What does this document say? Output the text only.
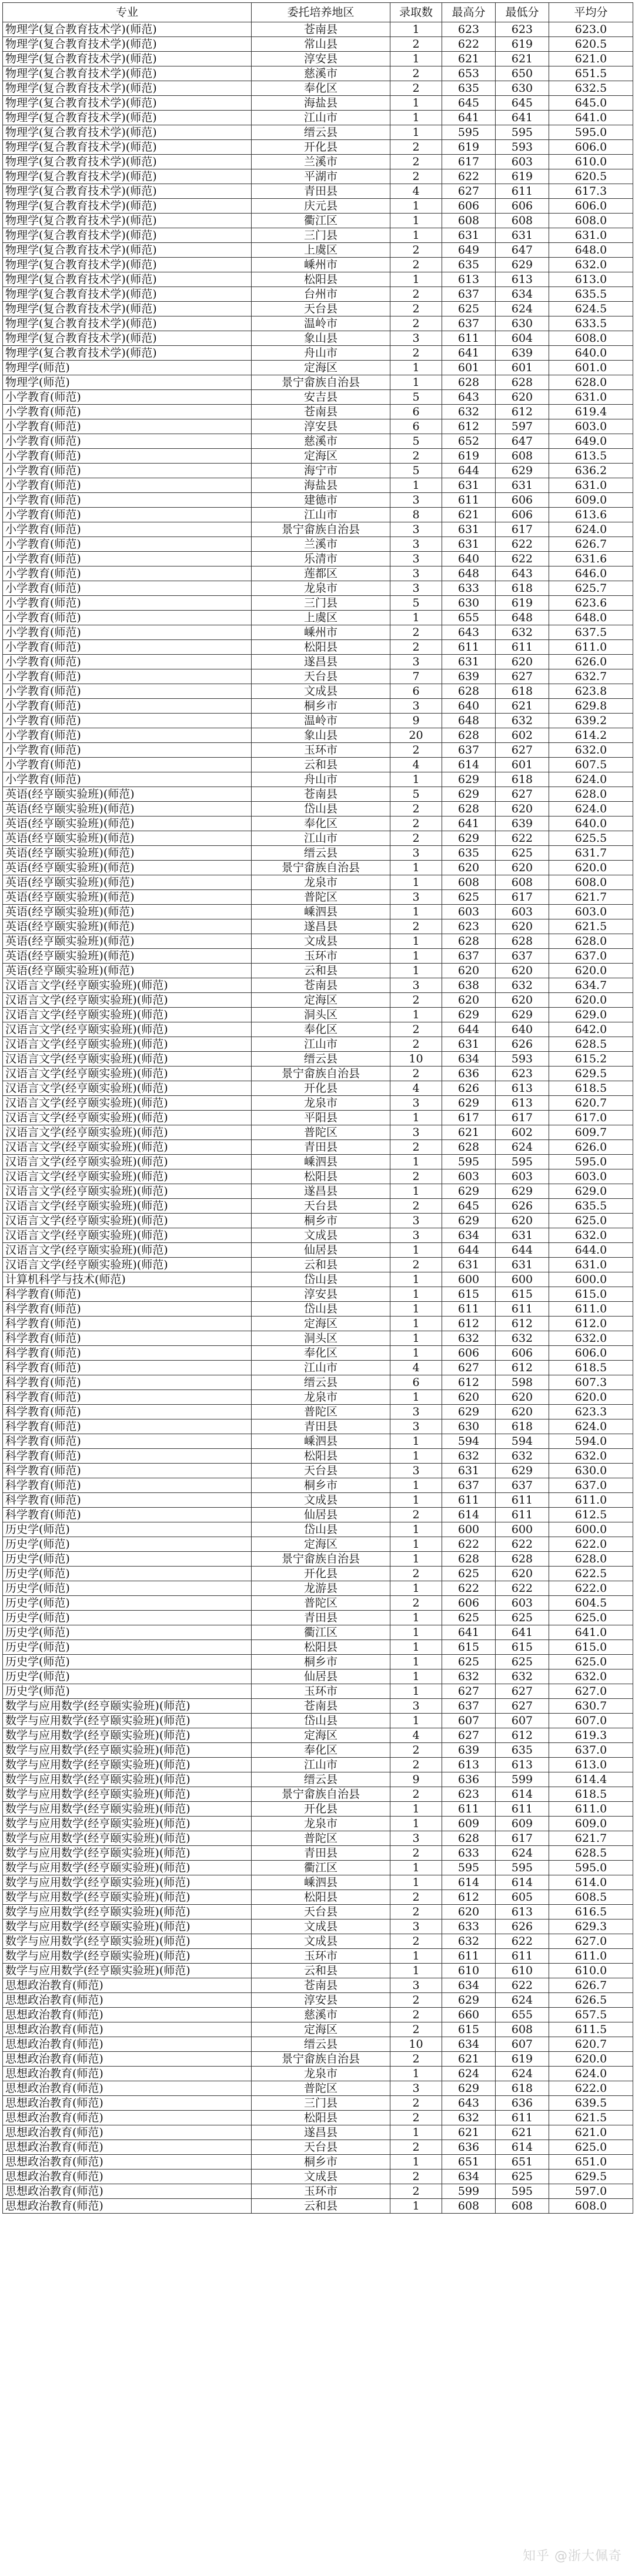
专业	委托培养地区	录取数	最高分	最低分	平均分
物理学(复合教育技术学)(师范)	苍南县	1	623	623	623.0
物理学(复合教育技术学)(师范)	常山县	2	622	619	620.5
物理学(复合教育技术学)(师范)	淳安县	1	621	621	621.0
物理学(复合教育技术学)(师范)	慈溪市	2	653	650	651.5
物理学(复合教育技术学)(师范)	奉化区	2	635	630	632.5
物理学(复合教育技术学)(师范)	海盐县	1	645	645	645.0
物理学(复合教育技术学)(师范)	江山市	1	641	641	641.0
物理学(复合教育技术学)(师范)	缙云县	1	595	595	595.0
物理学(复合教育技术学)(师范)	开化县	2	619	593	606.0
物理学(复合教育技术学)(师范)	兰溪市	2	617	603	610.0
物理学(复合教育技术学)(师范)	平湖市	2	622	619	620.5
物理学(复合教育技术学)(师范)	青田县	4	627	611	617.3
物理学(复合教育技术学)(师范)	庆元县	1	606	606	606.0
物理学(复合教育技术学)(师范)	衢江区	1	608	608	608.0
物理学(复合教育技术学)(师范)	三门县	1	631	631	631.0
物理学(复合教育技术学)(师范)	上虞区	2	649	647	648.0
物理学(复合教育技术学)(师范)	嵊州市	2	635	629	632.0
物理学(复合教育技术学)(师范)	松阳县	1	613	613	613.0
物理学(复合教育技术学)(师范)	台州市	2	637	634	635.5
物理学(复合教育技术学)(师范)	天台县	2	625	624	624.5
物理学(复合教育技术学)(师范)	温岭市	2	637	630	633.5
物理学(复合教育技术学)(师范)	象山县	3	611	604	608.0
物理学(复合教育技术学)(师范)	舟山市	2	641	639	640.0
物理学(师范)	定海区	1	601	601	601.0
物理学(师范)	景宁畲族自治县	1	628	628	628.0
小学教育(师范)	安吉县	5	643	620	631.0
小学教育(师范)	苍南县	6	632	612	619.4
小学教育(师范)	淳安县	6	612	597	603.0
小学教育(师范)	慈溪市	5	652	647	649.0
小学教育(师范)	定海区	2	619	608	613.5
小学教育(师范)	海宁市	5	644	629	636.2
小学教育(师范)	海盐县	1	631	631	631.0
小学教育(师范)	建德市	3	611	606	609.0
小学教育(师范)	江山市	8	621	606	613.6
小学教育(师范)	景宁畲族自治县	3	631	617	624.0
小学教育(师范)	兰溪市	3	631	622	626.7
小学教育(师范)	乐清市	3	640	622	631.6
小学教育(师范)	莲都区	3	648	643	646.0
小学教育(师范)	龙泉市	3	633	618	625.7
小学教育(师范)	三门县	5	630	619	623.6
小学教育(师范)	上虞区	1	655	648	648.0
小学教育(师范)	嵊州市	2	643	632	637.5
小学教育(师范)	松阳县	2	611	611	611.0
小学教育(师范)	遂昌县	3	631	620	626.0
小学教育(师范)	天台县	7	639	627	632.7
小学教育(师范)	文成县	6	628	618	623.8
小学教育(师范)	桐乡市	3	640	621	629.8
小学教育(师范)	温岭市	9	648	632	639.2
小学教育(师范)	象山县	20	628	602	614.2
小学教育(师范)	玉环市	2	637	627	632.0
小学教育(师范)	云和县	4	614	601	607.5
小学教育(师范)	舟山市	1	629	618	624.0
英语(经亨颐实验班)(师范)	苍南县	5	629	627	628.0
英语(经亨颐实验班)(师范)	岱山县	2	628	620	624.0
英语(经亨颐实验班)(师范)	奉化区	2	641	639	640.0
英语(经亨颐实验班)(师范)	江山市	2	629	622	625.5
英语(经亨颐实验班)(师范)	缙云县	3	635	625	631.7
英语(经亨颐实验班)(师范)	景宁畲族自治县	1	620	620	620.0
英语(经亨颐实验班)(师范)	龙泉市	1	608	608	608.0
英语(经亨颐实验班)(师范)	普陀区	3	625	617	621.7
英语(经亨颐实验班)(师范)	嵊泗县	1	603	603	603.0
英语(经亨颐实验班)(师范)	遂昌县	2	623	620	621.5
英语(经亨颐实验班)(师范)	文成县	1	628	628	628.0
英语(经亨颐实验班)(师范)	玉环市	1	637	637	637.0
英语(经亨颐实验班)(师范)	云和县	1	620	620	620.0
汉语言文学(经亨颐实验班)(师范)	苍南县	3	638	632	634.7
汉语言文学(经亨颐实验班)(师范)	定海区	2	620	620	620.0
汉语言文学(经亨颐实验班)(师范)	洞头区	1	629	629	629.0
汉语言文学(经亨颐实验班)(师范)	奉化区	2	644	640	642.0
汉语言文学(经亨颐实验班)(师范)	江山市	2	631	626	628.5
汉语言文学(经亨颐实验班)(师范)	缙云县	10	634	593	615.2
汉语言文学(经亨颐实验班)(师范)	景宁畲族自治县	2	636	623	629.5
汉语言文学(经亨颐实验班)(师范)	开化县	4	626	613	618.5
汉语言文学(经亨颐实验班)(师范)	龙泉市	3	629	613	620.7
汉语言文学(经亨颐实验班)(师范)	平阳县	1	617	617	617.0
汉语言文学(经亨颐实验班)(师范)	普陀区	3	621	602	609.7
汉语言文学(经亨颐实验班)(师范)	青田县	2	628	624	626.0
汉语言文学(经亨颐实验班)(师范)	嵊泗县	1	595	595	595.0
汉语言文学(经亨颐实验班)(师范)	松阳县	2	603	603	603.0
汉语言文学(经亨颐实验班)(师范)	遂昌县	1	629	629	629.0
汉语言文学(经亨颐实验班)(师范)	天台县	2	645	626	635.5
汉语言文学(经亨颐实验班)(师范)	桐乡市	3	629	620	625.0
汉语言文学(经亨颐实验班)(师范)	文成县	3	634	631	632.0
汉语言文学(经亨颐实验班)(师范)	仙居县	1	644	644	644.0
汉语言文学(经亨颐实验班)(师范)	云和县	2	631	631	631.0
计算机科学与技术(师范)	岱山县	1	600	600	600.0
科学教育(师范)	淳安县	1	615	615	615.0
科学教育(师范)	岱山县	1	611	611	611.0
科学教育(师范)	定海区	1	612	612	612.0
科学教育(师范)	洞头区	1	632	632	632.0
科学教育(师范)	奉化区	1	606	606	606.0
科学教育(师范)	江山市	4	627	612	618.5
科学教育(师范)	缙云县	6	612	598	607.3
科学教育(师范)	龙泉市	1	620	620	620.0
科学教育(师范)	普陀区	3	629	620	623.3
科学教育(师范)	青田县	3	630	618	624.0
科学教育(师范)	嵊泗县	1	594	594	594.0
科学教育(师范)	松阳县	1	632	632	632.0
科学教育(师范)	天台县	3	631	629	630.0
科学教育(师范)	桐乡市	1	637	637	637.0
科学教育(师范)	文成县	1	611	611	611.0
科学教育(师范)	仙居县	2	614	611	612.5
历史学(师范)	岱山县	1	600	600	600.0
历史学(师范)	定海区	1	622	622	622.0
历史学(师范)	景宁畲族自治县	1	628	628	628.0
历史学(师范)	开化县	2	625	620	622.5
历史学(师范)	龙游县	1	622	622	622.0
历史学(师范)	普陀区	2	606	603	604.5
历史学(师范)	青田县	1	625	625	625.0
历史学(师范)	衢江区	1	641	641	641.0
历史学(师范)	松阳县	1	615	615	615.0
历史学(师范)	桐乡市	1	625	625	625.0
历史学(师范)	仙居县	1	632	632	632.0
历史学(师范)	玉环市	1	627	627	627.0
数学与应用数学(经亨颐实验班)(师范)	苍南县	3	637	627	630.7
数学与应用数学(经亨颐实验班)(师范)	岱山县	1	607	607	607.0
数学与应用数学(经亨颐实验班)(师范)	定海区	4	627	612	619.3
数学与应用数学(经亨颐实验班)(师范)	奉化区	2	639	635	637.0
数学与应用数学(经亨颐实验班)(师范)	江山市	2	613	613	613.0
数学与应用数学(经亨颐实验班)(师范)	缙云县	9	636	599	614.4
数学与应用数学(经亨颐实验班)(师范)	景宁畲族自治县	2	623	614	618.5
数学与应用数学(经亨颐实验班)(师范)	开化县	1	611	611	611.0
数学与应用数学(经亨颐实验班)(师范)	龙泉市	1	609	609	609.0
数学与应用数学(经亨颐实验班)(师范)	普陀区	3	628	617	621.7
数学与应用数学(经亨颐实验班)(师范)	青田县	2	633	624	628.5
数学与应用数学(经亨颐实验班)(师范)	衢江区	1	595	595	595.0
数学与应用数学(经亨颐实验班)(师范)	嵊泗县	1	614	614	614.0
数学与应用数学(经亨颐实验班)(师范)	松阳县	2	612	605	608.5
数学与应用数学(经亨颐实验班)(师范)	天台县	2	620	613	616.5
数学与应用数学(经亨颐实验班)(师范)	文成县	3	633	626	629.3
数学与应用数学(经亨颐实验班)(师范)	文成县	2	632	622	627.0
数学与应用数学(经亨颐实验班)(师范)	玉环市	1	611	611	611.0
数学与应用数学(经亨颐实验班)(师范)	云和县	1	610	610	610.0
思想政治教育(师范)	苍南县	3	634	622	626.7
思想政治教育(师范)	淳安县	2	629	624	626.5
思想政治教育(师范)	慈溪市	2	660	655	657.5
思想政治教育(师范)	定海区	2	615	608	611.5
思想政治教育(师范)	缙云县	10	634	607	620.7
思想政治教育(师范)	景宁畲族自治县	2	621	619	620.0
思想政治教育(师范)	龙泉市	1	624	624	624.0
思想政治教育(师范)	普陀区	3	629	618	622.0
思想政治教育(师范)	三门县	2	643	636	639.5
思想政治教育(师范)	松阳县	2	632	611	621.5
思想政治教育(师范)	遂昌县	1	621	621	621.0
思想政治教育(师范)	天台县	2	636	614	625.0
思想政治教育(师范)	桐乡市	1	651	651	651.0
思想政治教育(师范)	文成县	2	634	625	629.5
思想政治教育(师范)	玉环市	2	599	595	597.0
思想政治教育(师范)	云和县	1	608	608	608.0
知乎 @浙大佩奇
